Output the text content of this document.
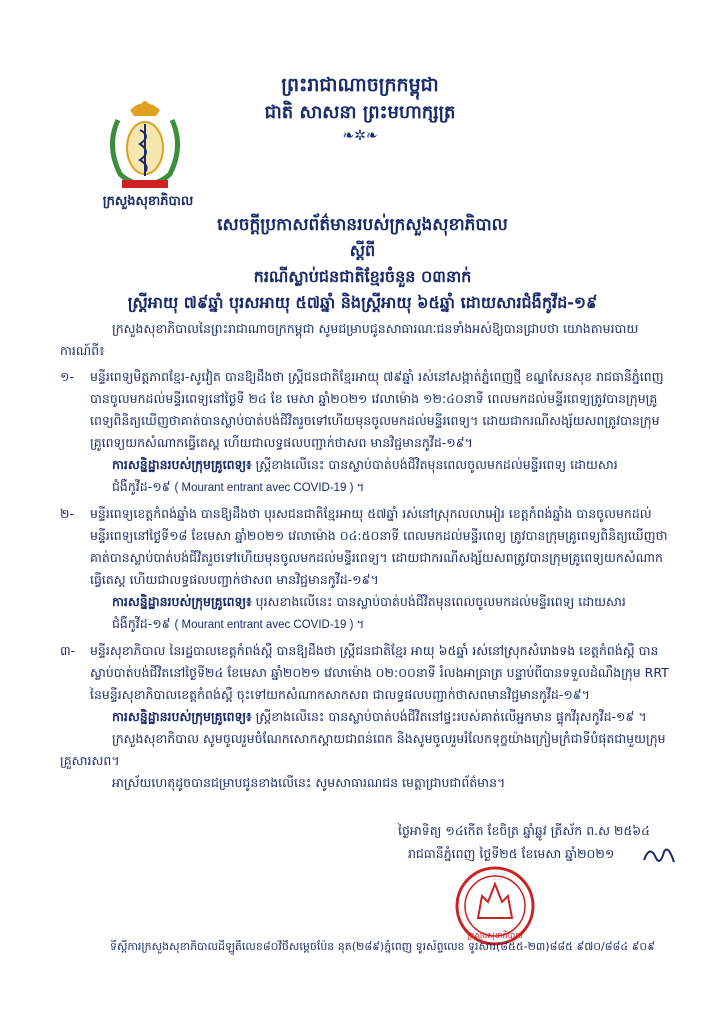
ព្រះរាជាណាចក្រកម្ពុជា
ជាតិ សាសនា ព្រះមហាក្សត្រ
❧✲❧
ក្រសួងសុខាភិបាល
សេចក្តីប្រកាសព័ត៌មានរបស់ក្រសួងសុខាភិបាល
ស្តីពី
ករណីស្លាប់ជនជាតិខ្មែរចំនួន ០៣នាក់
ស្ត្រីអាយុ ៧៩ឆ្នាំ បុរសអាយុ ៥៧ឆ្នាំ និងស្ត្រីអាយុ ៦៥ឆ្នាំ ដោយសារជំងឺកូវីដ-១៩

ក្រសួងសុខាភិបាលនៃព្រះរាជាណាចក្រកម្ពុជា សូមជម្រាបជូនសាធារណៈជនទាំងអស់ឱ្យបានជ្រាបថា យោងតាមរបាយការណ៍ពី៖

១-	មន្ទីរពេទ្យមិត្តភាពខ្មែរ-សូវៀត បានឱ្យដឹងថា ស្ត្រីជនជាតិខ្មែរអាយុ ៧៩ឆ្នាំ រស់នៅសង្កាត់ភ្នំពេញថ្មី ខណ្ឌសែនសុខ រាជធានីភ្នំពេញបានចូលមកដល់មន្ទីរពេទ្យនៅថ្ងៃទី ២៤ ខែ មេសា ឆ្នាំ២០២១ វេលាម៉ោង ១២:៤០នាទី ពេលមកដល់មន្ទីរពេទ្យត្រូវបានក្រុមគ្រូពេទ្យពិនិត្យឃើញថាគាត់បានស្លាប់បាត់បង់ជីវិតរួចទៅហើយមុនចូលមកដល់មន្ទីរពេទ្យ។ ដោយជាករណីសង្ស័យសពត្រូវបានក្រុមគ្រូពេទ្យយកសំណាកធ្វើតេស្ត ហើយជាលទ្ធផលបញ្ជាក់ថាសព មានវិជ្ជមានកូវីដ-១៩។
ការសន្និដ្ឋានរបស់ក្រុមគ្រូពេទ្យ៖ ស្ត្រីខាងលើនេះ បានស្លាប់បាត់បង់ជីវិតមុនពេលចូលមកដល់មន្ទីរពេទ្យ ដោយសារជំងឺកូវីដ-១៩ ( Mourant entrant avec COVID-19 ) ។
២-	មន្ទីរពេទ្យខេត្តកំពង់ឆ្នាំង បានឱ្យដឹងថា បុរសជនជាតិខ្មែរអាយុ ៥៧ឆ្នាំ រស់នៅស្រុកលលាអៀរ ខេត្តកំពង់ឆ្នាំង បានចូលមកដល់ មន្ទីរពេទ្យនៅថ្ងៃទី១៨ ខែមេសា ឆ្នាំ២០២១ វេលាម៉ោង ០៤:៥០នាទី ពេលមកដល់មន្ទីរពេទ្យ ត្រូវបានក្រុមគ្រូពេទ្យពិនិត្យឃើញថាគាត់បានស្លាប់បាត់បង់ជីវិតរួចទៅហើយមុនចូលមកដល់មន្ទីរពេទ្យ។ ដោយជាករណីសង្ស័យសពត្រូវបានក្រុមគ្រូពេទ្យយកសំណាកធ្វើតេស្ត ហើយជាលទ្ធផលបញ្ជាក់ថាសព មានវិជ្ជមានកូវីដ-១៩។
ការសន្និដ្ឋានរបស់ក្រុមគ្រូពេទ្យ៖ បុរសខាងលើនេះ បានស្លាប់បាត់បង់ជីវិតមុនពេលចូលមកដល់មន្ទីរពេទ្យ ដោយសារជំងឺកូវីដ-១៩ ( Mourant entrant avec COVID-19 ) ។
៣-	មន្ទីរសុខាភិបាល នៃរដ្ឋបាលខេត្តកំពង់ស្ពឺ បានឱ្យដឹងថា ស្ត្រីជនជាតិខ្មែរ អាយុ ៦៥ឆ្នាំ រស់នៅស្រុកសំរោងទង ខេត្តកំពង់ស្ពឺ បានស្លាប់បាត់បង់ជីវិតនៅថ្ងៃទី២៤ ខែមេសា ឆ្នាំ២០២១ វេលាម៉ោង ០២:០០នាទី រំលងអាធ្រាត្រ បន្ទាប់ពីបានទទួលដំណឹងក្រុម RRT នៃមន្ទីរសុខាភិបាលខេត្តកំពង់ស្ពឺ ចុះទៅយកសំណាកសាកសព ជាលទ្ធផលបញ្ជាក់ថាសពមានវិជ្ជមានកូវីដ-១៩។
ការសន្និដ្ឋានរបស់ក្រុមគ្រូពេទ្យ៖ ស្ត្រីខាងលើនេះ បានស្លាប់បាត់បង់ជីវិតនៅផ្ទះរបស់គាត់លើអ្នកមាន ផ្ទុកវីរុសកូវីដ-១៩ ។

ក្រសួងសុខាភិបាល សូមចូលរួមចំណែកសោកស្តាយជាពន់ពេក និងសូមចូលរួមរំលែកទុក្ខយ៉ាងក្រៀមក្រំជាទីបំផុតជាមួយក្រុមគ្រួសារសព។

អាស្រ័យហេតុដូចបានជម្រាបជូនខាងលើនេះ សូមសាធារណជន មេត្តាជ្រាបជាព័ត៌មាន។

ថ្ងៃអាទិត្យ ១៤កើត ខែចិត្រ ឆ្នាំឆ្លូវ ត្រីស័ក ព.ស ២៥៦៤
រាជធានីភ្នំពេញ ថ្ងៃទី២៥ ខែមេសា ឆ្នាំ២០២១
ក្រសួងសុខាភិបាល
ទីស្តីការក្រសួងសុខាភិបាលដីឡូតិ៍លេខ៨០វិថីសម្តេចប៉ែន នុត(២៨៩)ភ្នំពេញ ទូរស័ព្ទលេខ ទូរសារ(៨៥៥-២៣)៨៨៥ ៩៧០/៨៨៤ ៩០៩
